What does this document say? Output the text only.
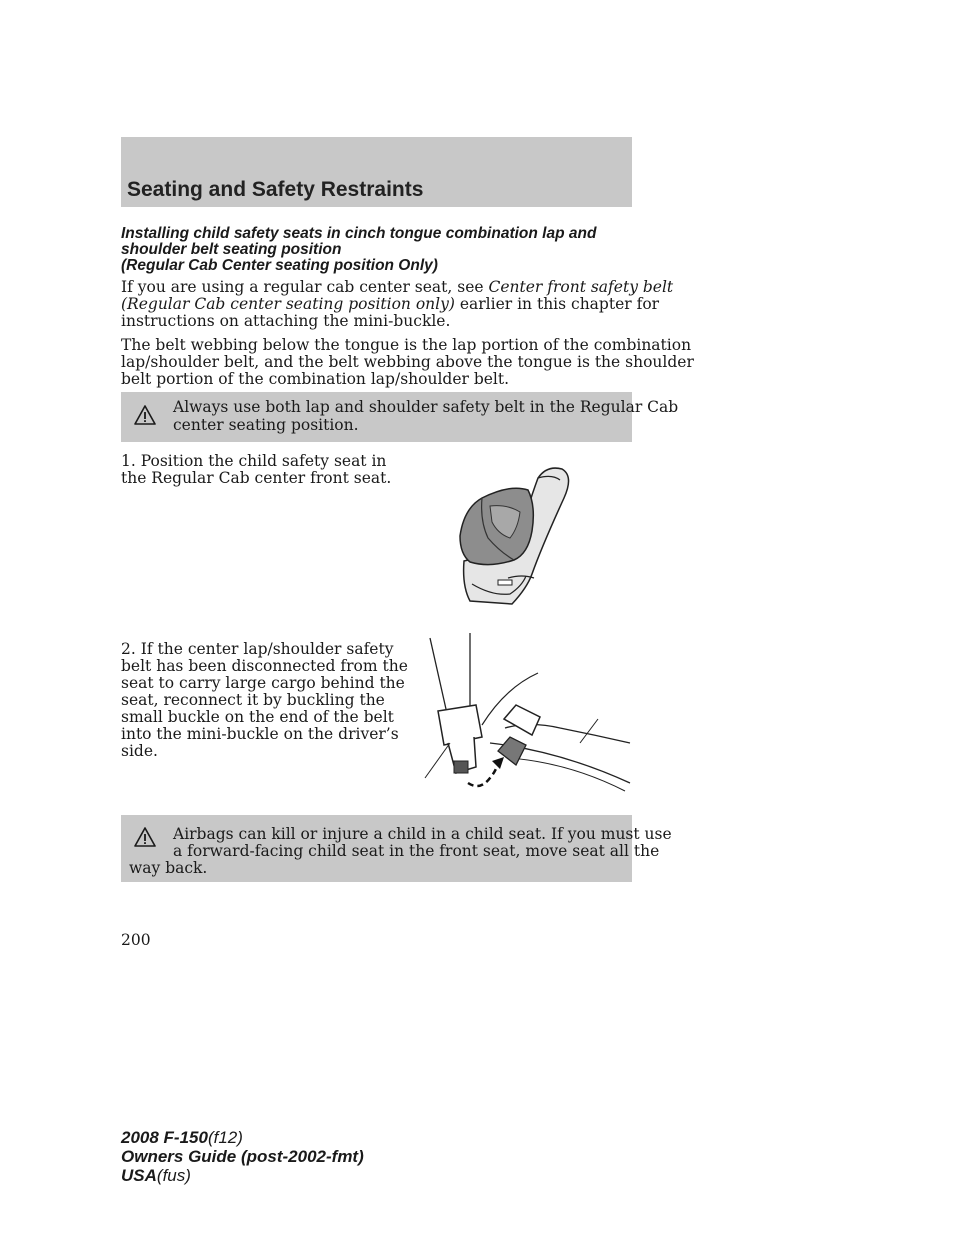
Seating and Safety Restraints
Installing child safety seats in cinch tongue combination lap and
shoulder belt seating position
(Regular Cab Center seating position Only)
If you are using a regular cab center seat, see Center front safety belt
(Regular Cab center seating position only) earlier in this chapter for
instructions on attaching the mini-buckle.
The belt webbing below the tongue is the lap portion of the combination
lap/shoulder belt, and the belt webbing above the tongue is the shoulder
belt portion of the combination lap/shoulder belt.
Always use both lap and shoulder safety belt in the Regular Cab
center seating position.
1. Position the child safety seat in
the Regular Cab center front seat.
2. If the center lap/shoulder safety
belt has been disconnected from the
seat to carry large cargo behind the
seat, reconnect it by buckling the
small buckle on the end of the belt
into the mini-buckle on the driver’s
side.
Airbags can kill or injure a child in a child seat. If you must use
a forward-facing child seat in the front seat, move seat all the
way back.
200
2008 F-150(f12)
Owners Guide (post-2002-fmt)
USA(fus)
